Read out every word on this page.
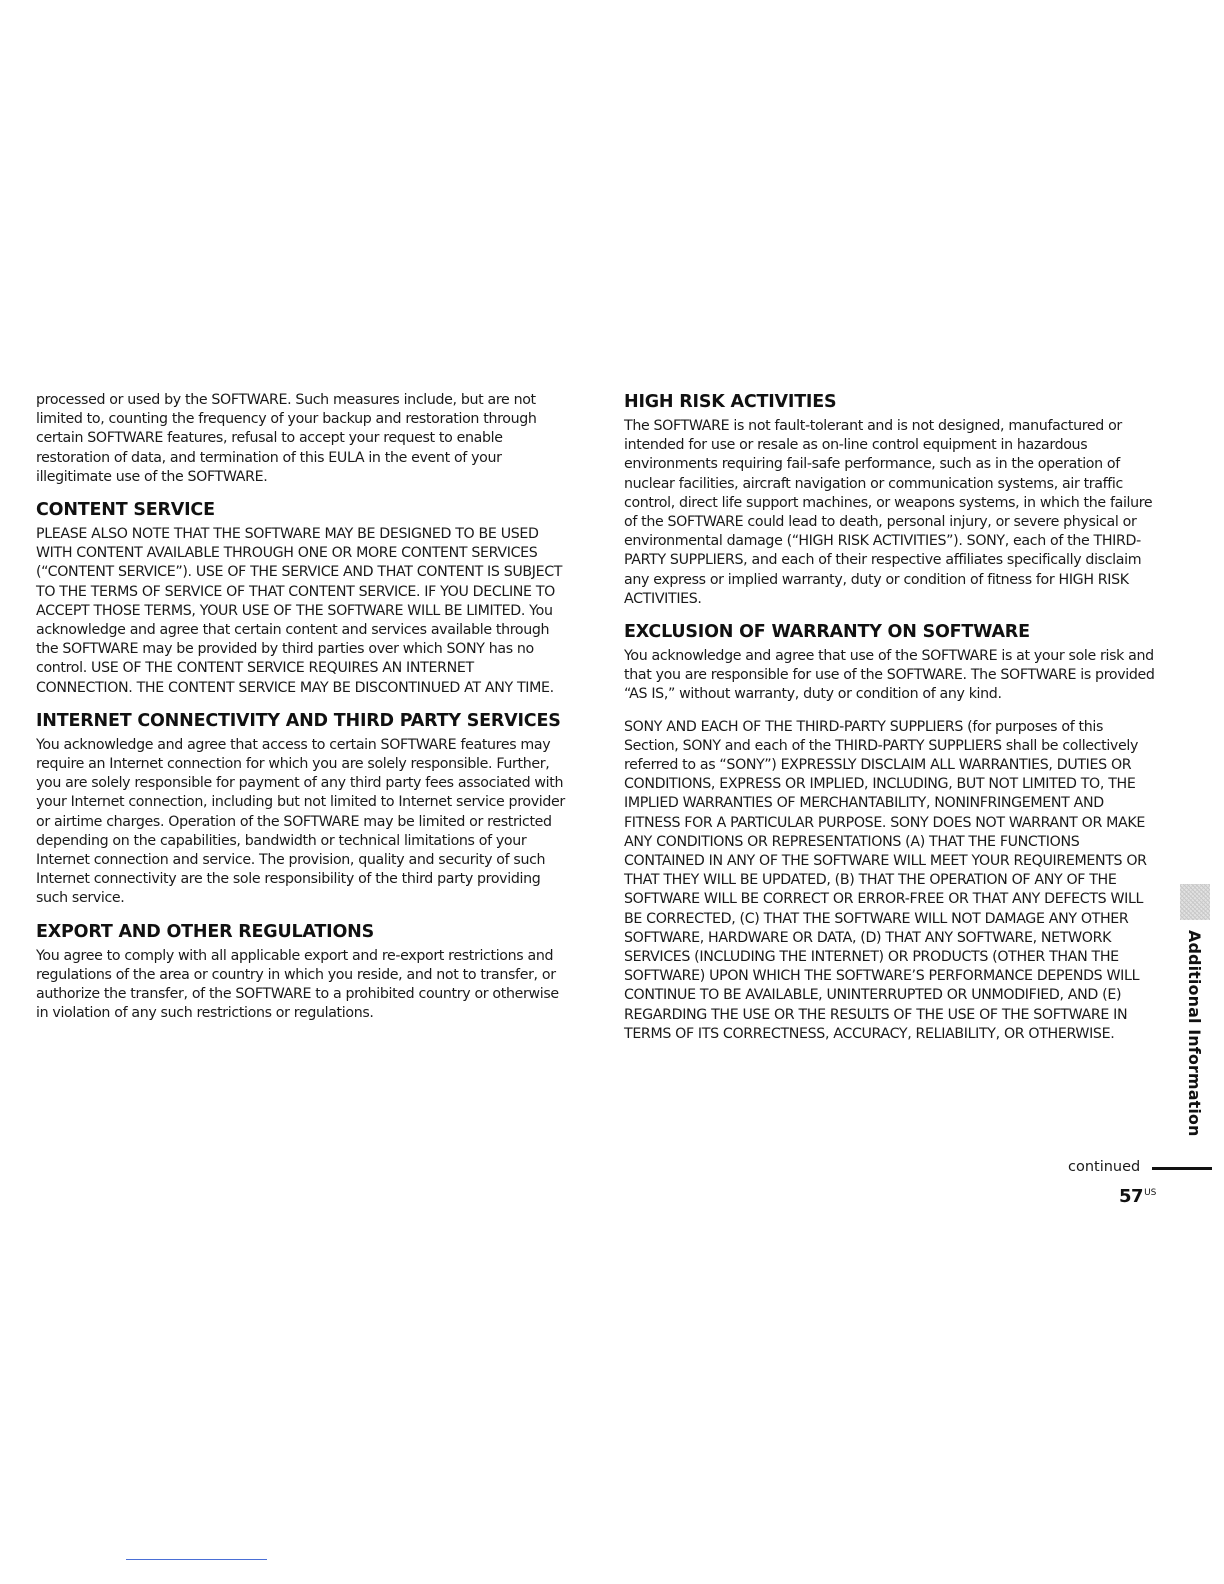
processed or used by the SOFTWARE. Such measures include, but are not limited to, counting the frequency of your backup and restoration through certain SOFTWARE features, refusal to accept your request to enable restoration of data, and termination of this EULA in the event of your illegitimate use of the SOFTWARE.

CONTENT SERVICE

PLEASE ALSO NOTE THAT THE SOFTWARE MAY BE DESIGNED TO BE USED WITH CONTENT AVAILABLE THROUGH ONE OR MORE CONTENT SERVICES (“CONTENT SERVICE”). USE OF THE SERVICE AND THAT CONTENT IS SUBJECT TO THE TERMS OF SERVICE OF THAT CONTENT SERVICE. IF YOU DECLINE TO ACCEPT THOSE TERMS, YOUR USE OF THE SOFTWARE WILL BE LIMITED. You acknowledge and agree that certain content and services available through the SOFTWARE may be provided by third parties over which SONY has no control. USE OF THE CONTENT SERVICE REQUIRES AN INTERNET CONNECTION. THE CONTENT SERVICE MAY BE DISCONTINUED AT ANY TIME.

INTERNET CONNECTIVITY AND THIRD PARTY SERVICES

You acknowledge and agree that access to certain SOFTWARE features may require an Internet connection for which you are solely responsible. Further, you are solely responsible for payment of any third party fees associated with your Internet connection, including but not limited to Internet service provider or airtime charges. Operation of the SOFTWARE may be limited or restricted depending on the capabilities, bandwidth or technical limitations of your Internet connection and service. The provision, quality and security of such Internet connectivity are the sole responsibility of the third party providing such service.

EXPORT AND OTHER REGULATIONS

You agree to comply with all applicable export and re-export restrictions and regulations of the area or country in which you reside, and not to transfer, or authorize the transfer, of the SOFTWARE to a prohibited country or otherwise in violation of any such restrictions or regulations.

HIGH RISK ACTIVITIES

The SOFTWARE is not fault-tolerant and is not designed, manufactured or intended for use or resale as on-line control equipment in hazardous environments requiring fail-safe performance, such as in the operation of nuclear facilities, aircraft navigation or communication systems, air traffic control, direct life support machines, or weapons systems, in which the failure of the SOFTWARE could lead to death, personal injury, or severe physical or environmental damage (“HIGH RISK ACTIVITIES”). SONY, each of the THIRD-PARTY SUPPLIERS, and each of their respective affiliates specifically disclaim any express or implied warranty, duty or condition of fitness for HIGH RISK ACTIVITIES.

EXCLUSION OF WARRANTY ON SOFTWARE

You acknowledge and agree that use of the SOFTWARE is at your sole risk and that you are responsible for use of the SOFTWARE. The SOFTWARE is provided “AS IS,” without warranty, duty or condition of any kind.

SONY AND EACH OF THE THIRD-PARTY SUPPLIERS (for purposes of this Section, SONY and each of the THIRD-PARTY SUPPLIERS shall be collectively referred to as “SONY”) EXPRESSLY DISCLAIM ALL WARRANTIES, DUTIES OR CONDITIONS, EXPRESS OR IMPLIED, INCLUDING, BUT NOT LIMITED TO, THE IMPLIED WARRANTIES OF MERCHANTABILITY, NONINFRINGEMENT AND FITNESS FOR A PARTICULAR PURPOSE. SONY DOES NOT WARRANT OR MAKE ANY CONDITIONS OR REPRESENTATIONS (A) THAT THE FUNCTIONS CONTAINED IN ANY OF THE SOFTWARE WILL MEET YOUR REQUIREMENTS OR THAT THEY WILL BE UPDATED, (B) THAT THE OPERATION OF ANY OF THE SOFTWARE WILL BE CORRECT OR ERROR-FREE OR THAT ANY DEFECTS WILL BE CORRECTED, (C) THAT THE SOFTWARE WILL NOT DAMAGE ANY OTHER SOFTWARE, HARDWARE OR DATA, (D) THAT ANY SOFTWARE, NETWORK SERVICES (INCLUDING THE INTERNET) OR PRODUCTS (OTHER THAN THE SOFTWARE) UPON WHICH THE SOFTWARE’S PERFORMANCE DEPENDS WILL CONTINUE TO BE AVAILABLE, UNINTERRUPTED OR UNMODIFIED, AND (E) REGARDING THE USE OR THE RESULTS OF THE USE OF THE SOFTWARE IN TERMS OF ITS CORRECTNESS, ACCURACY, RELIABILITY, OR OTHERWISE.	Additional Information
continued
$57^{US}$
